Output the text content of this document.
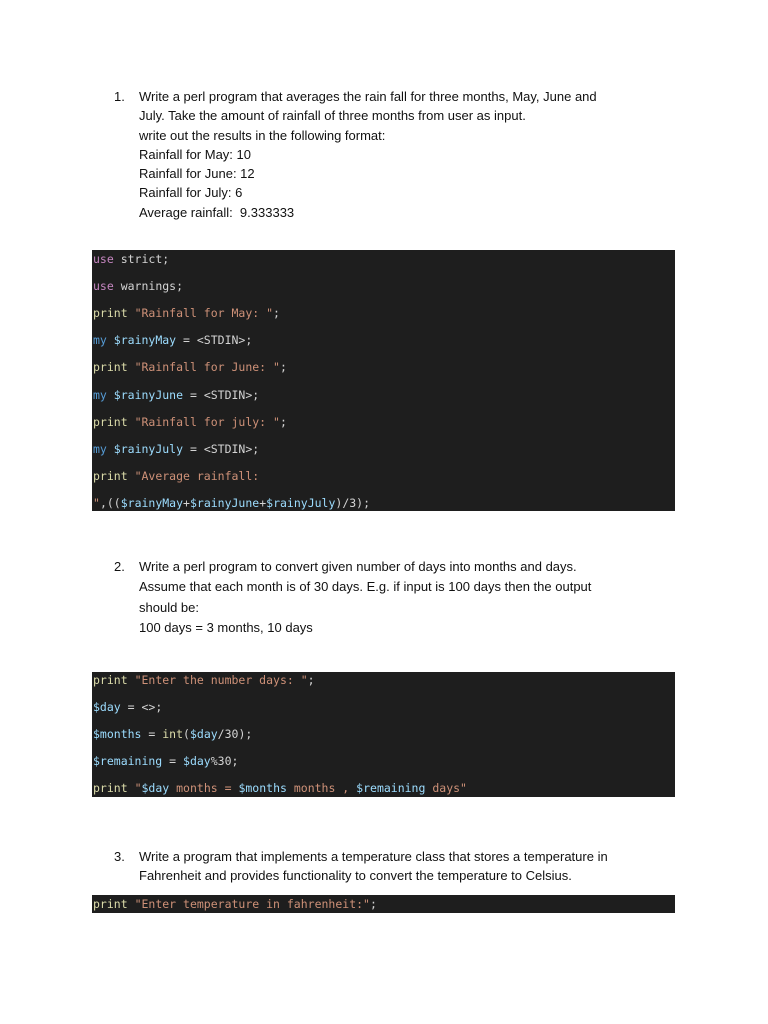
1. Write a perl program that averages the rain fall for three months, May, June and
July. Take the amount of rainfall of three months from user as input.
write out the results in the following format:
Rainfall for May: 10
Rainfall for June: 12
Rainfall for July: 6
Average rainfall:  9.333333
use strict;
use warnings;
print "Rainfall for May: ";
my $rainyMay = <STDIN>;
print "Rainfall for June: ";
my $rainyJune = <STDIN>;
print "Rainfall for july: ";
my $rainyJuly = <STDIN>;
print "Average rainfall:
",(($rainyMay+$rainyJune+$rainyJuly)/3);
2. Write a perl program to convert given number of days into months and days.
Assume that each month is of 30 days. E.g. if input is 100 days then the output
should be:
100 days = 3 months, 10 days
print "Enter the number days: ";
$day = <>;
$months = int($day/30);
$remaining = $day%30;
print "$day months = $months months , $remaining days"
3. Write a program that implements a temperature class that stores a temperature in
Fahrenheit and provides functionality to convert the temperature to Celsius.
print "Enter temperature in fahrenheit:";
